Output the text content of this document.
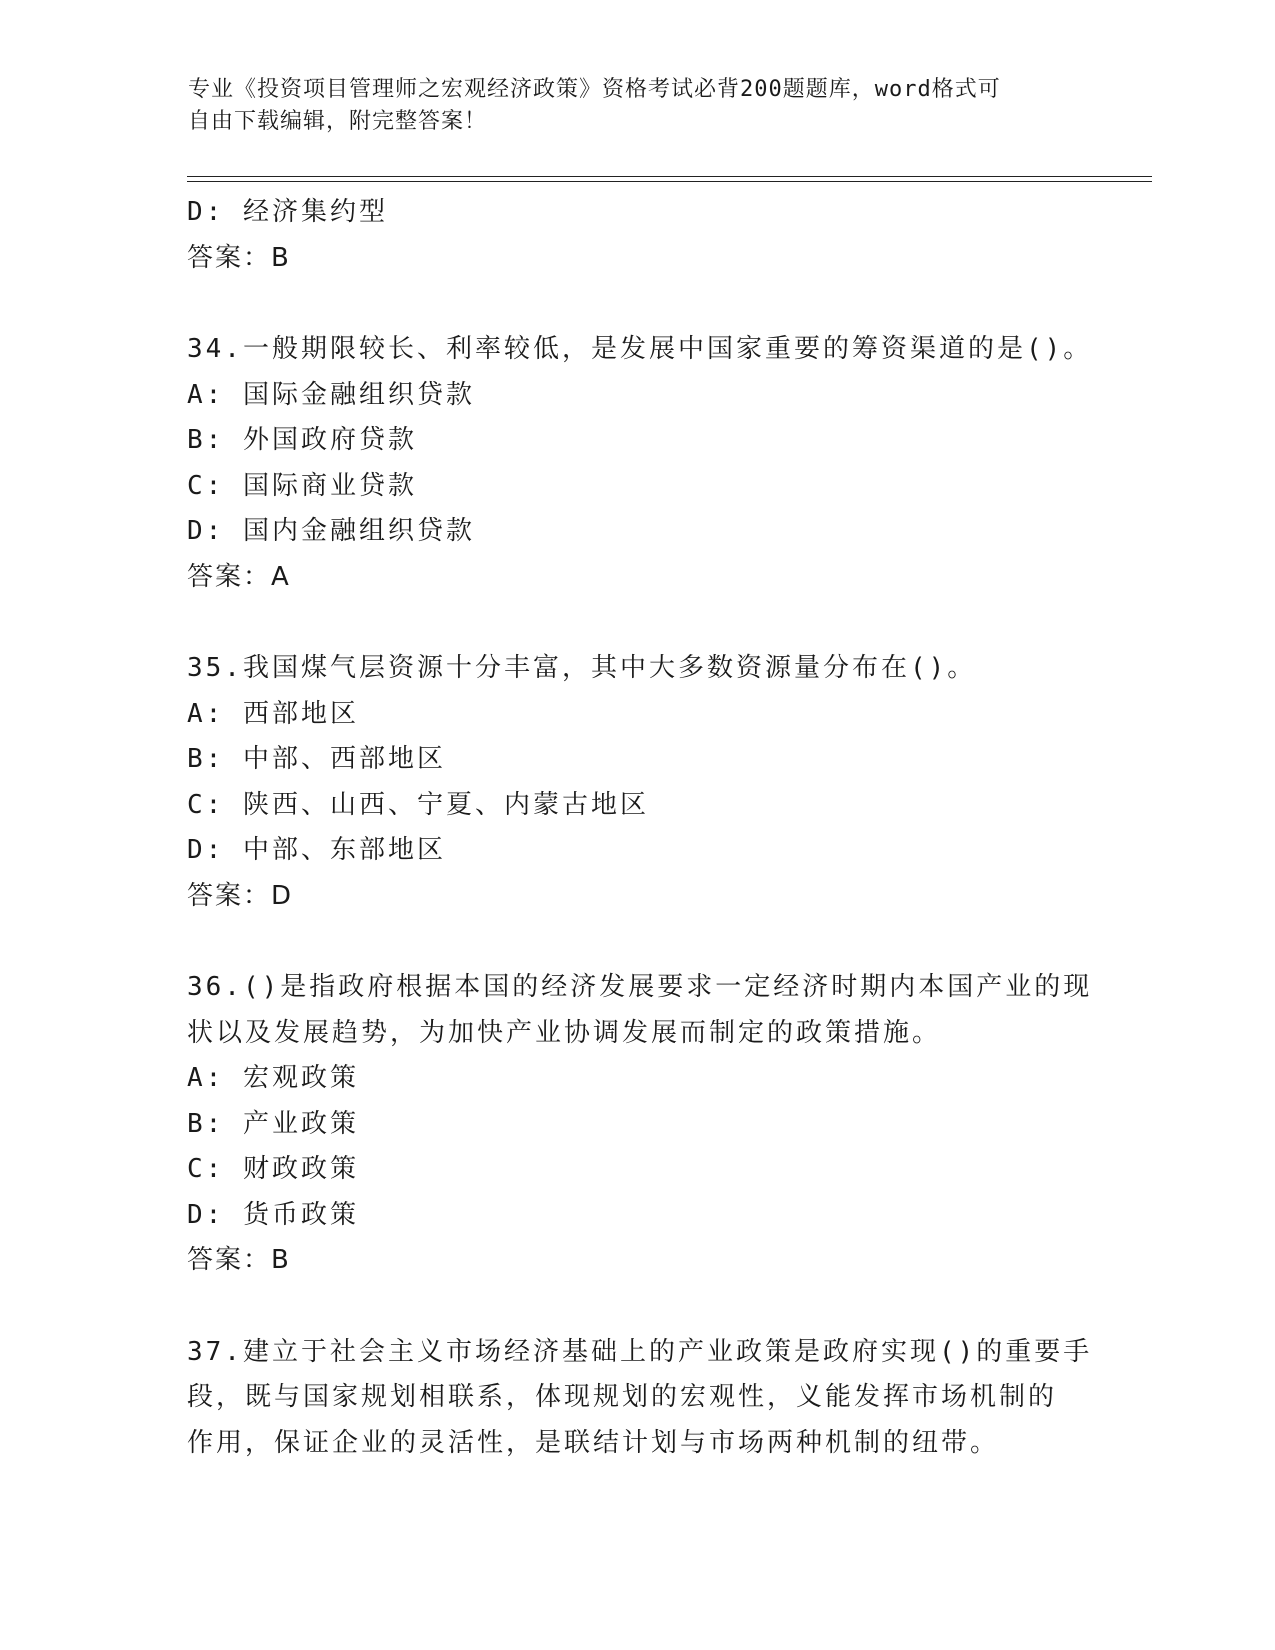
专业《投资项目管理师之宏观经济政策》资格考试必背200题题库，word格式可
自由下载编辑，附完整答案！
D: 经济集约型
答案：B
34.一般期限较长、利率较低，是发展中国家重要的筹资渠道的是()。
A: 国际金融组织贷款
B: 外国政府贷款
C: 国际商业贷款
D: 国内金融组织贷款
答案：A
35.我国煤气层资源十分丰富，其中大多数资源量分布在()。
A: 西部地区
B: 中部、西部地区
C: 陕西、山西、宁夏、内蒙古地区
D: 中部、东部地区
答案：D
36.()是指政府根据本国的经济发展要求一定经济时期内本国产业的现
状以及发展趋势，为加快产业协调发展而制定的政策措施。
A: 宏观政策
B: 产业政策
C: 财政政策
D: 货币政策
答案：B
37.建立于社会主义市场经济基础上的产业政策是政府实现()的重要手
段，既与国家规划相联系，体现规划的宏观性，义能发挥市场机制的
作用，保证企业的灵活性，是联结计划与市场两种机制的纽带。
